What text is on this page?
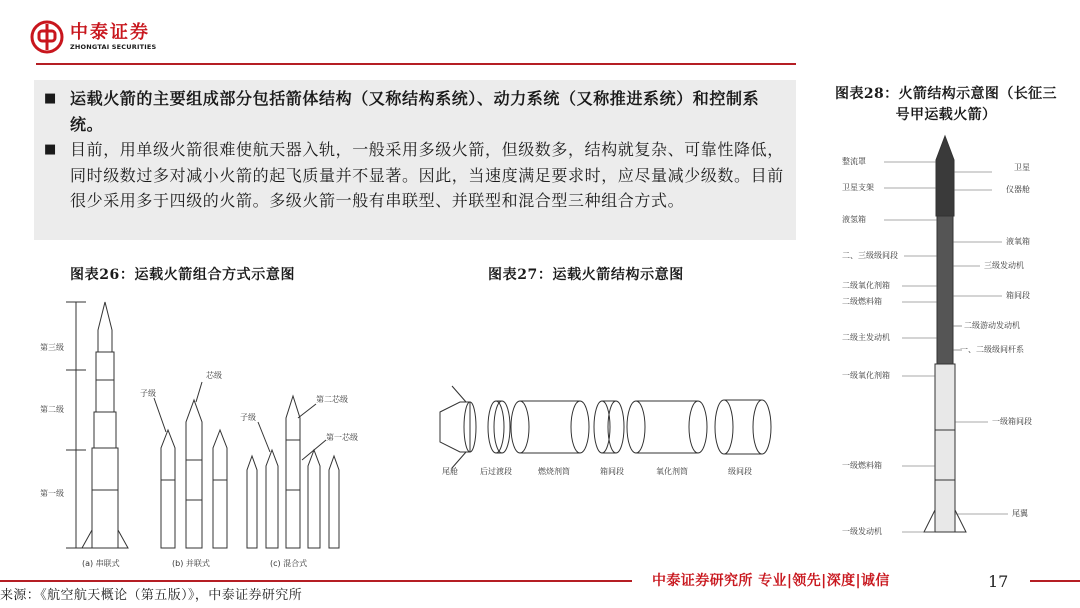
中泰证券
ZHONGTAI SECURITIES
■ 运载火箭的主要组成部分包括箭体结构（又称结构系统）、动力系统（又称推进系统）和控制系统。
■ 目前，用单级火箭很难使航天器入轨，一般采用多级火箭，但级数多，结构就复杂、可靠性降低，同时级数过多对减小火箭的起飞质量并不显著。因此，当速度满足要求时，应尽量减少级数。目前很少采用多于四级的火箭。多级火箭一般有串联型、并联型和混合型三种组合方式。
图表26：运载火箭组合方式示意图	图表27：运载火箭结构示意图
图表28：火箭结构示意图（长征三号甲运载火箭）
第三级
第二级
第一级
子级
芯级
子级
第二芯级
第一芯级
(a) 串联式	(b) 并联式	(c) 混合式
尾舱	后过渡段	燃烧剂筒	箱间段	氧化剂筒	级间段
整流罩
卫星支架
液氢箱
二、三级级间段
二级氧化剂箱
二级燃料箱
二级主发动机
一级氧化剂箱
一级燃料箱
一级发动机
卫星
仪器舱
液氧箱
三级发动机
箱间段
二级游动发动机
一、二级级间杆系
一级箱间段
尾翼
中泰证券研究所 专业|领先|深度|诚信	17
来源：《航空航天概论（第五版）》，中泰证券研究所
